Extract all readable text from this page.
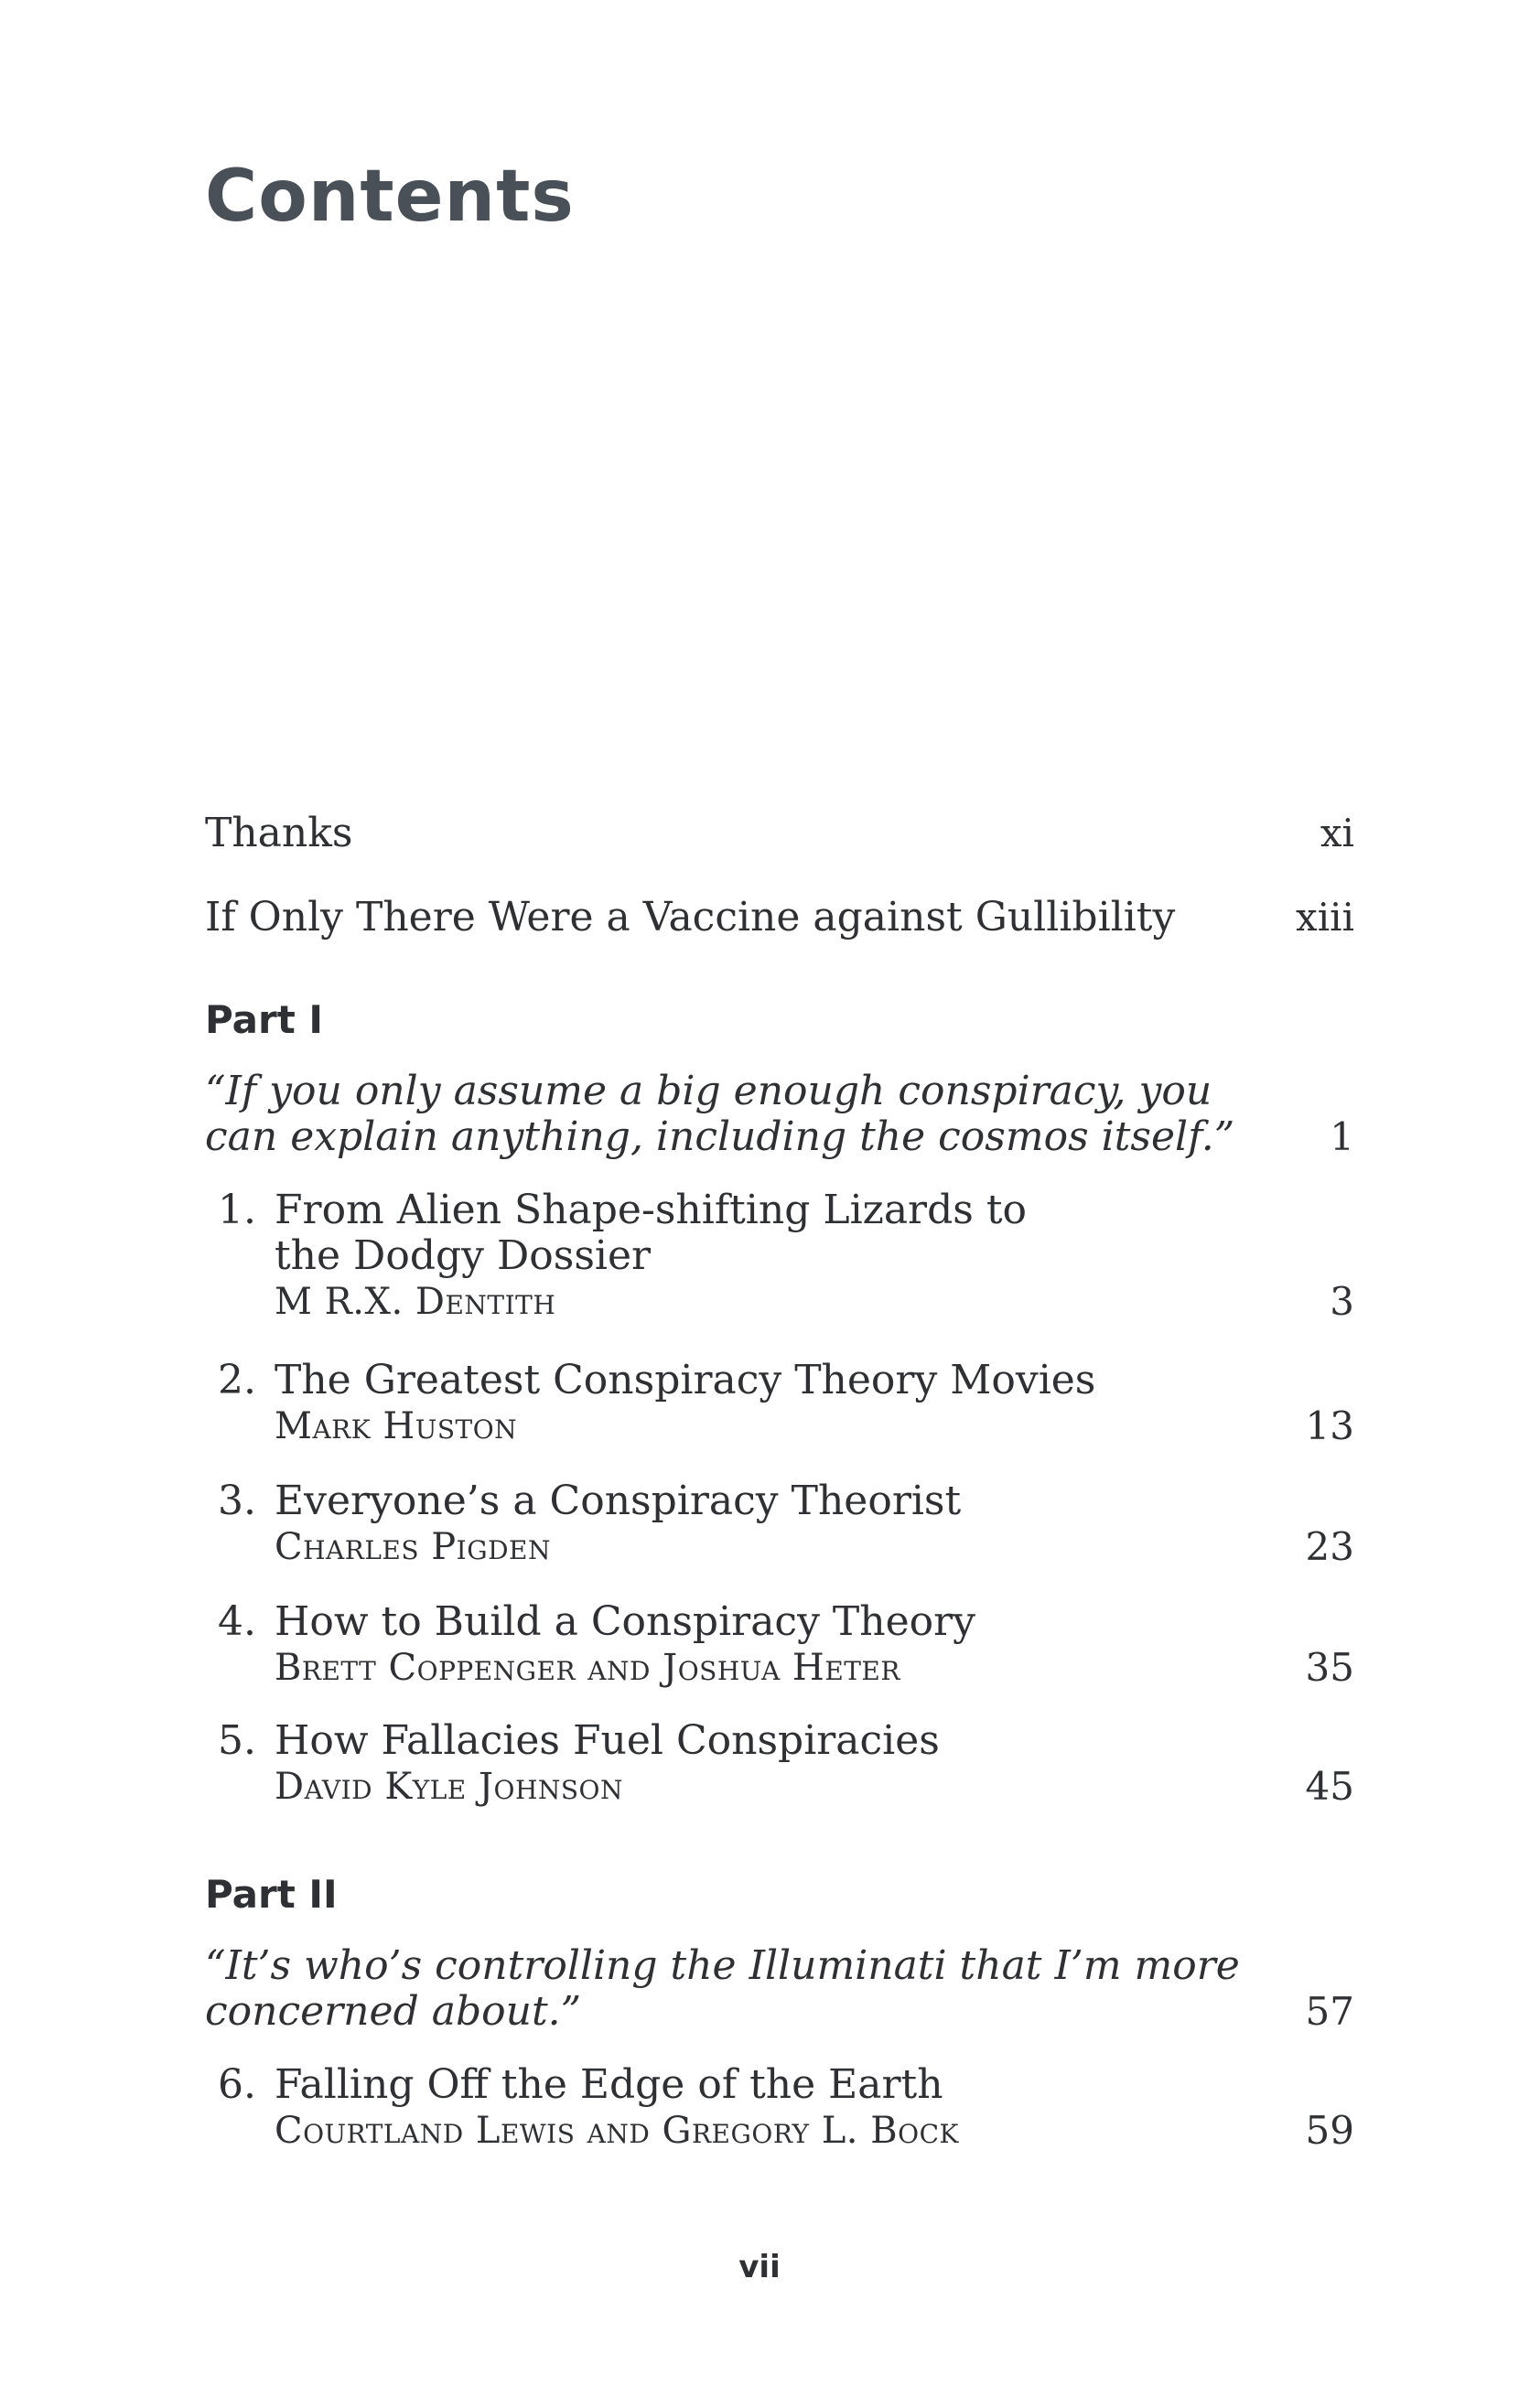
Contents
Thanks	xi
If Only There Were a Vaccine against Gullibility	xiii
Part I
“If you only assume a big enough conspiracy, you can explain anything, including the cosmos itself.”	1
1. From Alien Shape-shifting Lizards to the Dodgy Dossier
M R.X. Dentith	3
2. The Greatest Conspiracy Theory Movies
Mark Huston	13
3. Everyone’s a Conspiracy Theorist
Charles Pigden	23
4. How to Build a Conspiracy Theory
Brett Coppenger and Joshua Heter	35
5. How Fallacies Fuel Conspiracies
David Kyle Johnson	45
Part II
“It’s who’s controlling the Illuminati that I’m more concerned about.”	57
6. Falling Off the Edge of the Earth
Courtland Lewis and Gregory L. Bock	59
vii
